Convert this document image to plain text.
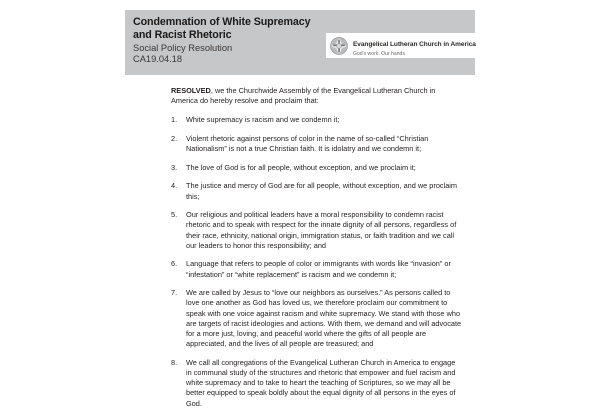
Condemnation of White Supremacy
and Racist Rhetoric
Social Policy Resolution
CA19.04.18
Evangelical Lutheran Church in America
God's work. Our hands.

RESOLVED, we the Churchwide Assembly of the Evangelical Lutheran Church in America do hereby resolve and proclaim that:

1.	White supremacy is racism and we condemn it;
2.	Violent rhetoric against persons of color in the name of so-called “Christian Nationalism” is not a true Christian faith. It is idolatry and we condemn it;
3.	The love of God is for all people, without exception, and we proclaim it;
4.	The justice and mercy of God are for all people, without exception, and we proclaim this;
5.	Our religious and political leaders have a moral responsibility to condemn racist rhetoric and to speak with respect for the innate dignity of all persons, regardless of their race, ethnicity, national origin, immigration status, or faith tradition and we call our leaders to honor this responsibility; and
6.	Language that refers to people of color or immigrants with words like “invasion” or “infestation” or “white replacement” is racism and we condemn it;
7.	We are called by Jesus to “love our neighbors as ourselves.” As persons called to love one another as God has loved us, we therefore proclaim our commitment to speak with one voice against racism and white supremacy. We stand with those who are targets of racist ideologies and actions. With them, we demand and will advocate for a more just, loving, and peaceful world where the gifts of all people are appreciated, and the lives of all people are treasured; and
8.	We call all congregations of the Evangelical Lutheran Church in America to engage in communal study of the structures and rhetoric that empower and fuel racism and white supremacy and to take to heart the teaching of Scriptures, so we may all be better equipped to speak boldly about the equal dignity of all persons in the eyes of God.
